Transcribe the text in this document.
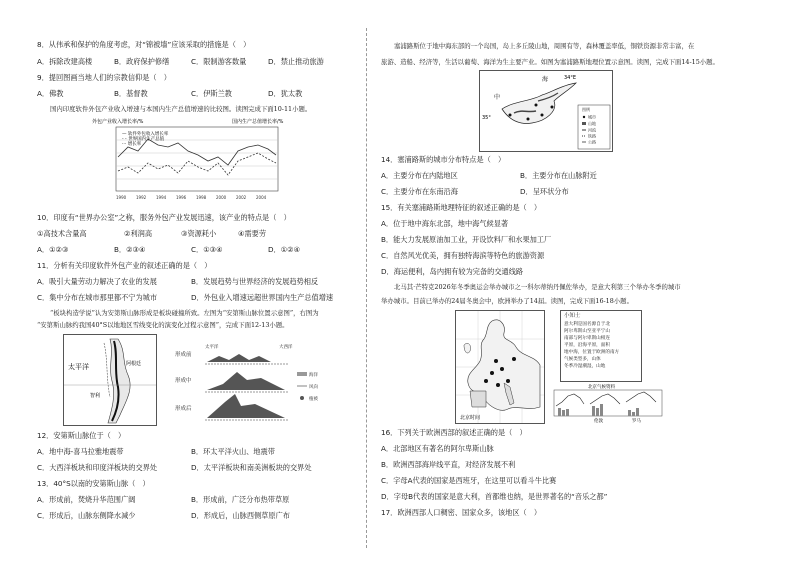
8．从伟承和保护的角度考虑，对“锦被墙”应该采取的措施是（　）
A．拆除改建高楼	B．政府保护修缮	C．限制游客数量	D．禁止推动旅游
9．提回图画当地人们的宗教信仰是（　）
A．佛教	B．基督教	C．伊斯兰教	D．犹太教
国内印度软件外包产业收入增速与本国内生产总值增速的比较图。读图完成下面10-11小题。
外包产业收入增长率/%	国内生产总值增长率/%
1990 1992 1994 1996 1998 2000 2002 2004
— 软件外包收入增长率
- - 世界国内生产总值
··· 增长率
10．印度有“世界办公室”之称，服务外包产业发展迅速，该产业的特点是（　）
①高技术含量高	②利润高	③资源耗小	④需要劳
A．①②③	B．②③④	C．①③④	D．①②④
11．分析有关印度软件外包产业的叙述正确的是（　）
A．吸引大量劳动力解决了农业的发展	B．发展趋势与世界经济的发展趋势相反
C．集中分布在城市那里都不宁为城市	D．外包业入增速远超世界国内生产总值增速
“板块构造学说”认为安第斯山脉形成是板块碰撞所致。左图为“安第斯山脉位置示意图”，右图为
“安第斯山脉约我国40°S以地地区雪线变化的演变化过程示意图”，完成下面12-13小题。
太平洋	阿根廷
智利
形成前
形成中
形成后
太平洋	大西洋
海洋
风向
植被
12．安第斯山脉位于（　）
A．地中海-喜马拉雅地震带	B．环太平洋火山、地震带
C．大西洋板块和印度洋板块的交界处	D．太平洋板块和南美洲板块的交界处
13．40°S以南的安第斯山脉（　）
A．形成前，焚烧升华范围广阔	B．形成前，广泛分布热带草原
C．形成后，山脉东侧降水减少	D．形成后，山脉西侧草原广布
塞浦路斯位于地中海东部的一个岛国，岛上多丘陵山地，周围有等，森林覆盖率低，铜铁资源非常丰富，在
旅游、造船、经济等，生活以葡萄、海洋为生主要产业。如图为塞浦路斯地理位置示意图。读图，完成下面14-15小题。
海	34°E
35°
中
图例
城市
山地
河流
铁路
公路
14．塞浦路斯的城市分布特点是（　）
A．主要分布在内陆地区	B．主要分布在山脉附近
C．主要分布在东南沿海	D．呈环状分布
15．有关塞浦路斯地理特征的叙述正确的是（　）
A．位于地中海东北部，地中海气候显著
B．能大力发展原油加工业，开设饮料厂和水果加工厂
C．自然风光优美，拥有独特海滨等特色的旅游资源
D．海运便利，岛内拥有较为完备的交通线路
北马其·芒特克2026年冬季奥运会举办城市之一科尔蒂纳丹佩佐举办，是意大利第三个举办冬季的城市
举办城市。目前已举办的24届冬奥会中，欧洲举办了14届。读图，完成下面16-18小题。
北京时间
小知士
意大利是国名源自于北
阿尔卑斯山至亚平宁山
南部与阿尔卑斯山相连
平原，沿海平原，面积
地中海，位置于欧洲的南方
气候类型多，山体
冬季冷湿潮湿，山地
北京气候资料
伦敦	罗马
16．下列关于欧洲西部的叙述正确的是（　）
A．北部地区有著名的阿尔卑斯山脉
B．欧洲西部海岸线平直，对经济发展不利
C．字母A代表的国家是西班牙，在这里可以看斗牛比赛
D．字母B代表的国家是意大利，首都维也纳，是世界著名的“音乐之都”
17．欧洲西部人口稠密、国家众多，该地区（　）
